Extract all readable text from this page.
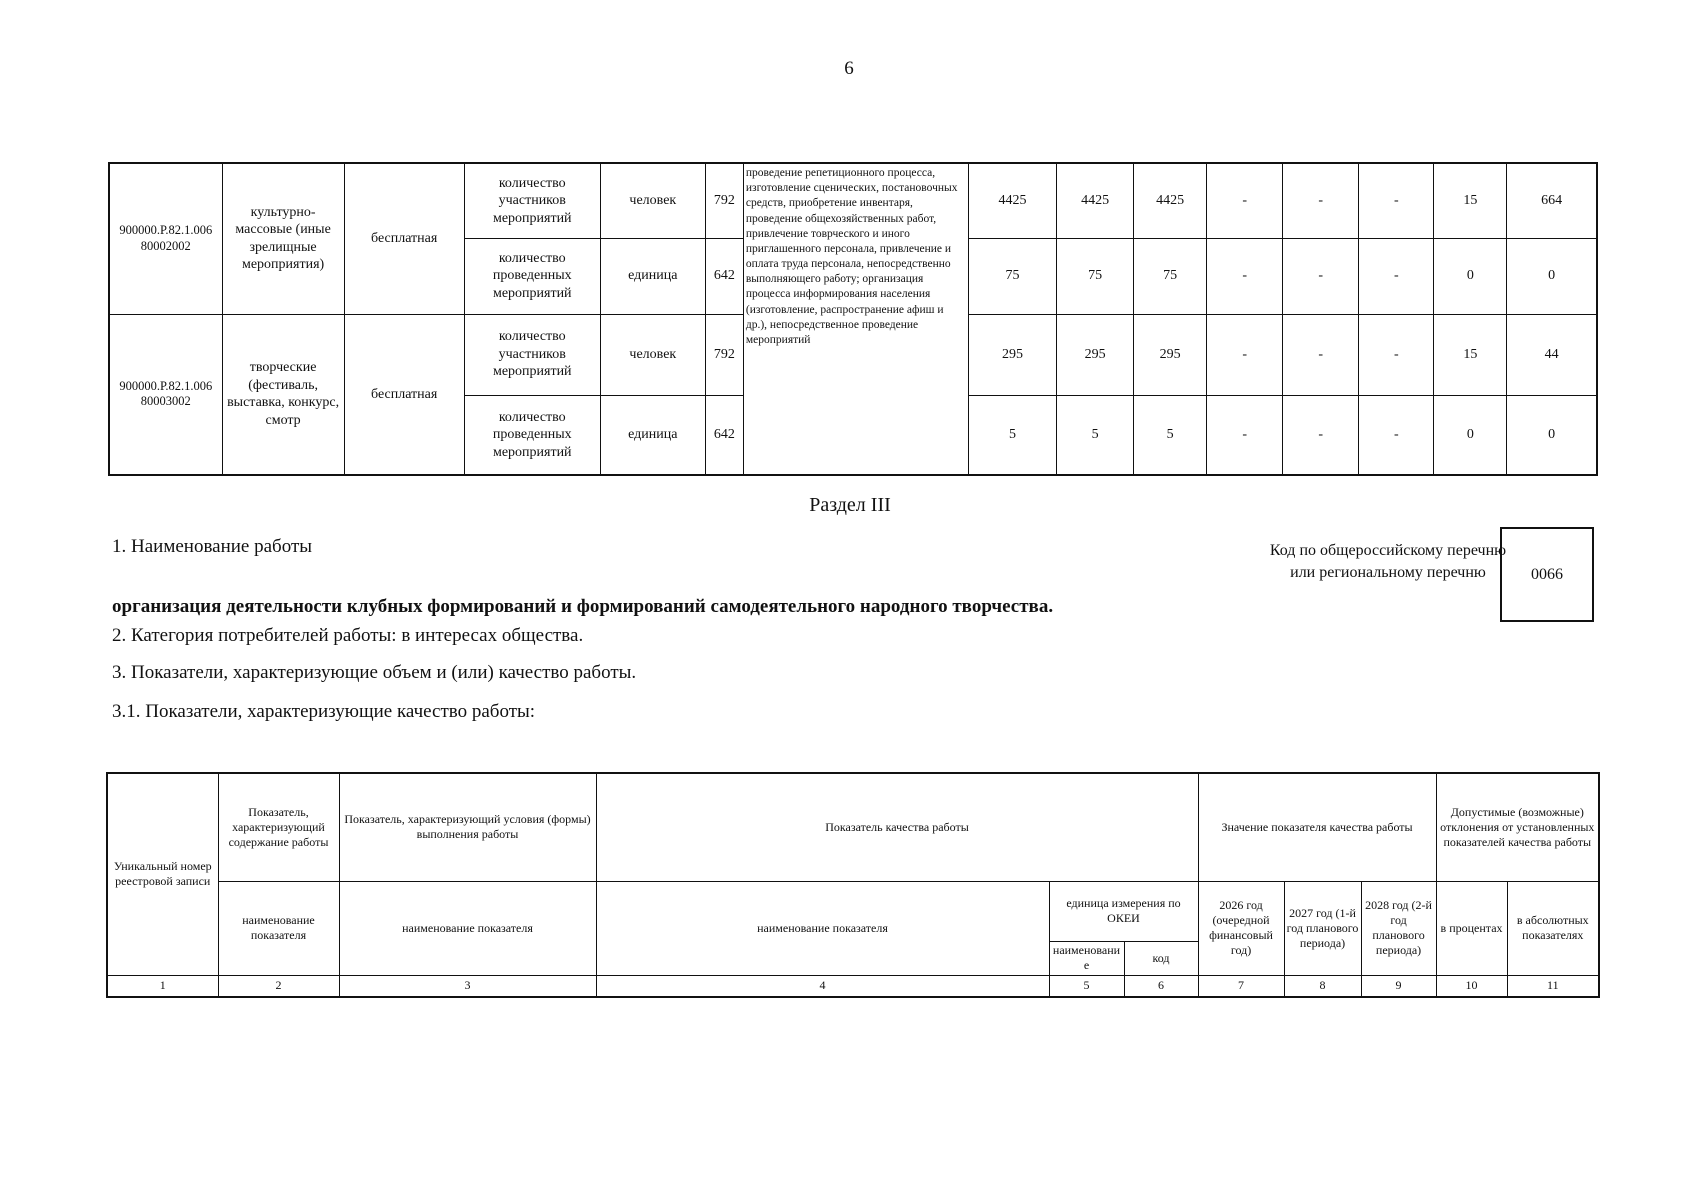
6
900000.Р.82.1.006 80002002	культурно-массовые (иные зрелищные мероприятия)	бесплатная	количество участников мероприятий	человек	792	проведение репетиционного процесса, изготовление сценических, постановочных средств, приобретение инвентаря, проведение общехозяйственных работ, привлечение товрческого и иного приглашенного персонала, привлечение и оплата труда персонала, непосредственно выполняющего работу; организация процесса информирования населения (изготовление, распространение афиш и др.), непосредственное проведение мероприятий	4425	4425	4425	-	-	-	15	664
			количество проведенных мероприятий	единица	642		75	75	75	-	-	-	0	0
900000.Р.82.1.006 80003002	творческие (фестиваль, выставка, конкурс, смотр	бесплатная	количество участников мероприятий	человек	792		295	295	295	-	-	-	15	44
			количество проведенных мероприятий	единица	642		5	5	5	-	-	-	0	0
Раздел III
1. Наименование работы	Код по общероссийскому перечню или региональному перечню	0066
организация деятельности клубных формирований и формирований самодеятельного народного творчества.
2. Категория потребителей работы: в интересах общества.
3. Показатели, характеризующие объем и (или) качество работы.
3.1. Показатели, характеризующие качество работы:
Уникальный номер реестровой записи	Показатель, характеризующий содержание работы	Показатель, характеризующий условия (формы) выполнения работы	Показатель качества работы			Значение показателя качества работы			Допустимые (возможные) отклонения от установленных показателей качества работы	
	наименование показателя	наименование показателя	наименование показателя	единица измерения по ОКЕИ		2026 год (очередной финансовый год)	2027 год (1-й год планового периода)	2028 год (2-й год планового периода)	в процентах	в абсолютных показателях
				наименование	код					
1	2	3	4	5	6	7	8	9	10	11
